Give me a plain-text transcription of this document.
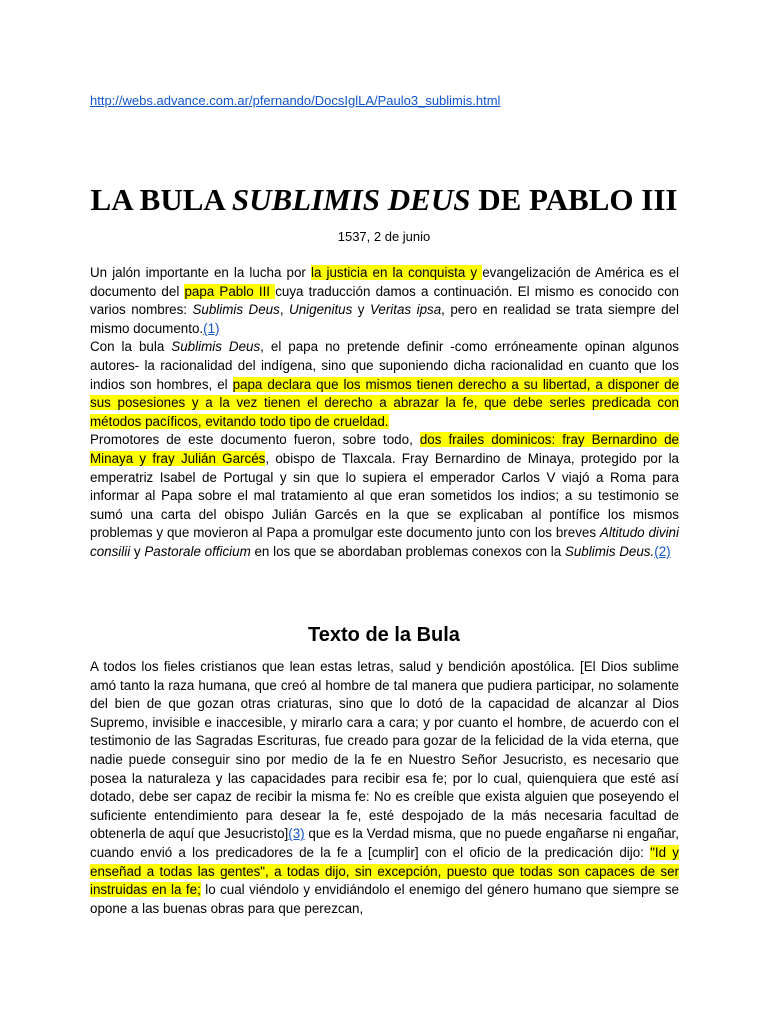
http://webs.advance.com.ar/pfernando/DocsIglLA/Paulo3_sublimis.html
LA BULA SUBLIMIS DEUS DE PABLO III
1537, 2 de junio

Un jalón importante en la lucha por la justicia en la conquista y evangelización de América es el documento del papa Pablo III cuya traducción damos a continuación. El mismo es conocido con varios nombres: Sublimis Deus, Unigenitus y Veritas ipsa, pero en realidad se trata siempre del mismo documento.(1)

Con la bula Sublimis Deus, el papa no pretende definir -como erróneamente opinan algunos autores- la racionalidad del indígena, sino que suponiendo dicha racionalidad en cuanto que los indios son hombres, el papa declara que los mismos tienen derecho a su libertad, a disponer de sus posesiones y a la vez tienen el derecho a abrazar la fe, que debe serles predicada con métodos pacíficos, evitando todo tipo de crueldad.

Promotores de este documento fueron, sobre todo, dos frailes dominicos: fray Bernardino de Minaya y fray Julián Garcés, obispo de Tlaxcala. Fray Bernardino de Minaya, protegido por la emperatriz Isabel de Portugal y sin que lo supiera el emperador Carlos V viajó a Roma para informar al Papa sobre el mal tratamiento al que eran sometidos los indios; a su testimonio se sumó una carta del obispo Julián Garcés en la que se explicaban al pontífice los mismos problemas y que movieron al Papa a promulgar este documento junto con los breves Altitudo divini consilii y Pastorale officium en los que se abordaban problemas conexos con la Sublimis Deus.(2)

Texto de la Bula

A todos los fieles cristianos que lean estas letras, salud y bendición apostólica. [El Dios sublime amó tanto la raza humana, que creó al hombre de tal manera que pudiera participar, no solamente del bien de que gozan otras criaturas, sino que lo dotó de la capacidad de alcanzar al Dios Supremo, invisible e inaccesible, y mirarlo cara a cara; y por cuanto el hombre, de acuerdo con el testimonio de las Sagradas Escrituras, fue creado para gozar de la felicidad de la vida eterna, que nadie puede conseguir sino por medio de la fe en Nuestro Señor Jesucristo, es necesario que posea la naturaleza y las capacidades para recibir esa fe; por lo cual, quienquiera que esté así dotado, debe ser capaz de recibir la misma fe: No es creíble que exista alguien que poseyendo el suficiente entendimiento para desear la fe, esté despojado de la más necesaria facultad de obtenerla de aquí que Jesucristo](3) que es la Verdad misma, que no puede engañarse ni engañar, cuando envió a los predicadores de la fe a [cumplir] con el oficio de la predicación dijo: "Id y enseñad a todas las gentes", a todas dijo, sin excepción, puesto que todas son capaces de ser instruidas en la fe; lo cual viéndolo y envidiándolo el enemigo del género humano que siempre se opone a las buenas obras para que perezcan,
